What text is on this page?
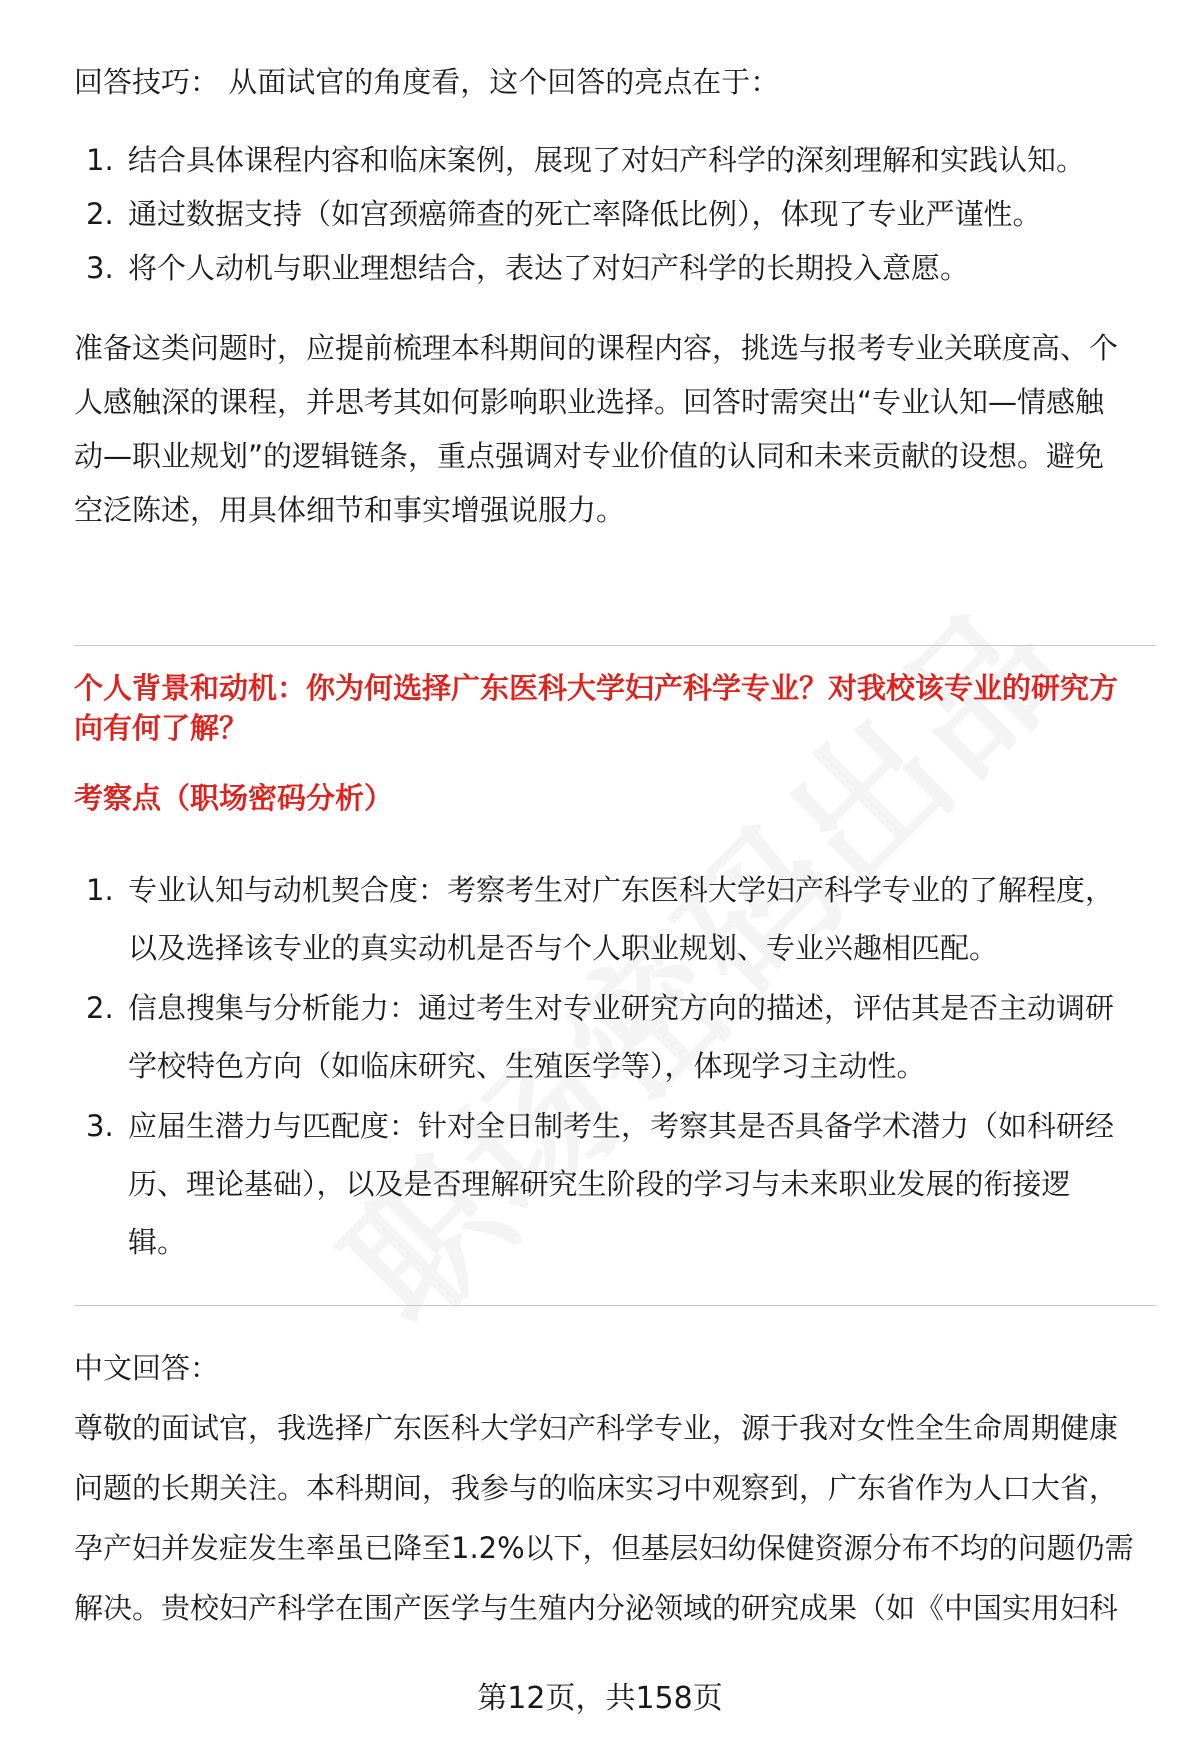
回答技巧： 从面试官的角度看，这个回答的亮点在于：

1. 结合具体课程内容和临床案例，展现了对妇产科学的深刻理解和实践认知。
2. 通过数据支持（如宫颈癌筛查的死亡率降低比例），体现了专业严谨性。
3. 将个人动机与职业理想结合，表达了对妇产科学的长期投入意愿。

准备这类问题时，应提前梳理本科期间的课程内容，挑选与报考专业关联度高、个

人感触深的课程，并思考其如何影响职业选择。回答时需突出“专业认知—情感触

动—职业规划”的逻辑链条，重点强调对专业价值的认同和未来贡献的设想。避免

空泛陈述，用具体细节和事实增强说服力。

个人背景和动机：你为何选择广东医科大学妇产科学专业？对我校该专业的研究方

向有何了解？

考察点（职场密码分析）

1. 专业认知与动机契合度：考察考生对广东医科大学妇产科学专业的了解程度，
以及选择该专业的真实动机是否与个人职业规划、专业兴趣相匹配。
2. 信息搜集与分析能力：通过考生对专业研究方向的描述，评估其是否主动调研
学校特色方向（如临床研究、生殖医学等），体现学习主动性。
3. 应届生潜力与匹配度：针对全日制考生，考察其是否具备学术潜力（如科研经
历、理论基础），以及是否理解研究生阶段的学习与未来职业发展的衔接逻
辑。

中文回答：

尊敬的面试官，我选择广东医科大学妇产科学专业，源于我对女性全生命周期健康

问题的长期关注。本科期间，我参与的临床实习中观察到，广东省作为人口大省，

孕产妇并发症发生率虽已降至1.2%以下，但基层妇幼保健资源分布不均的问题仍需

解决。贵校妇产科学在围产医学与生殖内分泌领域的研究成果（如《中国实用妇科

第12页，共158页
